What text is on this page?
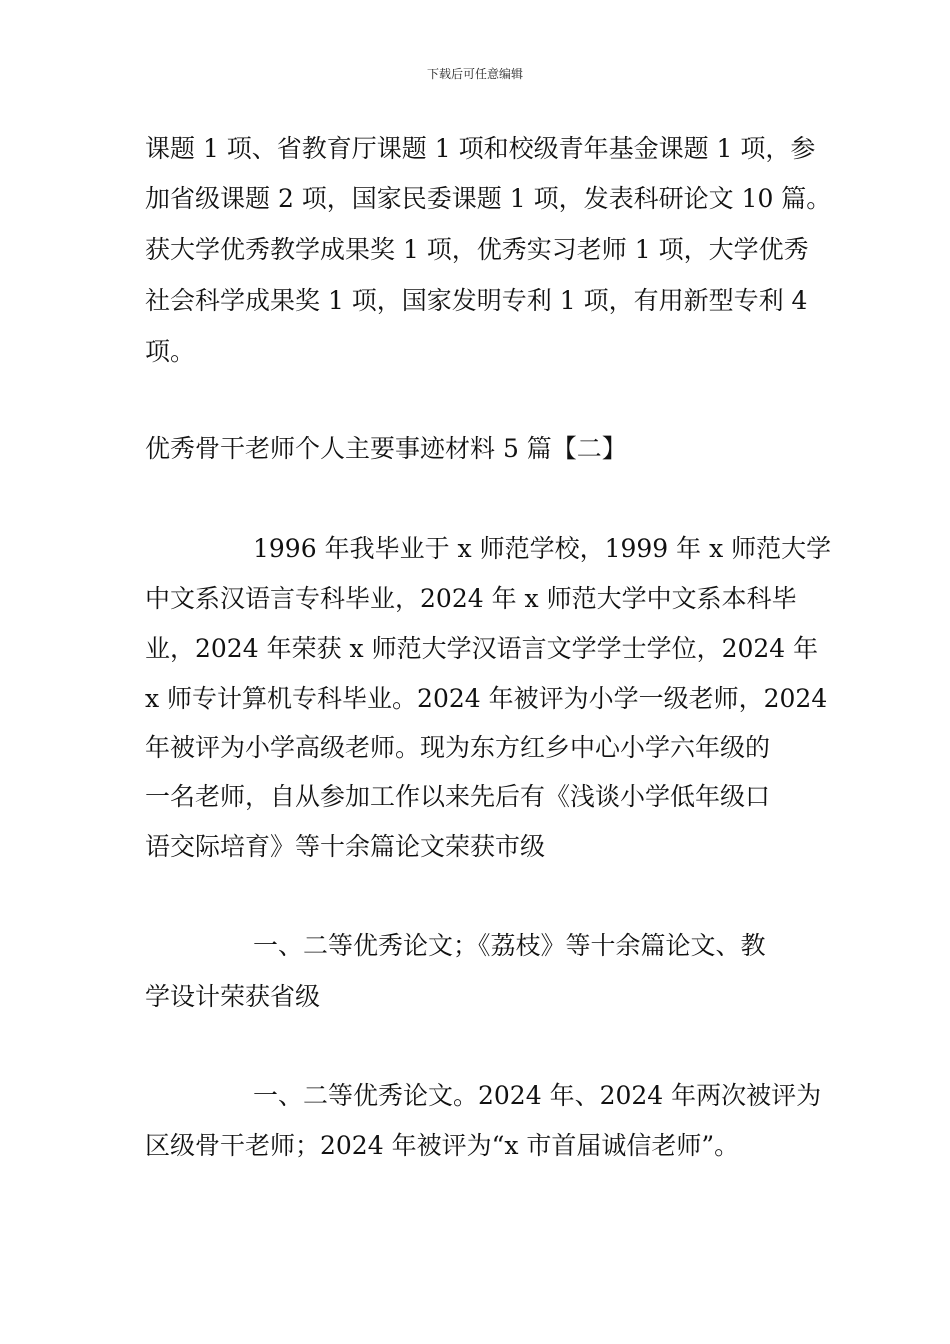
下载后可任意编辑
课题 1 项、省教育厅课题 1 项和校级青年基金课题 1 项，参
加省级课题 2 项，国家民委课题 1 项，发表科研论文 10 篇。
获大学优秀教学成果奖 1 项，优秀实习老师 1 项，大学优秀
社会科学成果奖 1 项，国家发明专利 1 项，有用新型专利 4
项。
优秀骨干老师个人主要事迹材料 5 篇【二】
1996 年我毕业于 x 师范学校，1999 年 x 师范大学
中文系汉语言专科毕业，2024 年 x 师范大学中文系本科毕
业，2024 年荣获 x 师范大学汉语言文学学士学位，2024 年
x 师专计算机专科毕业。2024 年被评为小学一级老师，2024
年被评为小学高级老师。现为东方红乡中心小学六年级的
一名老师，自从参加工作以来先后有《浅谈小学低年级口
语交际培育》等十余篇论文荣获市级
一、二等优秀论文；《荔枝》等十余篇论文、教
学设计荣获省级
一、二等优秀论文。2024 年、2024 年两次被评为
区级骨干老师；2024 年被评为“x 市首届诚信老师”。
